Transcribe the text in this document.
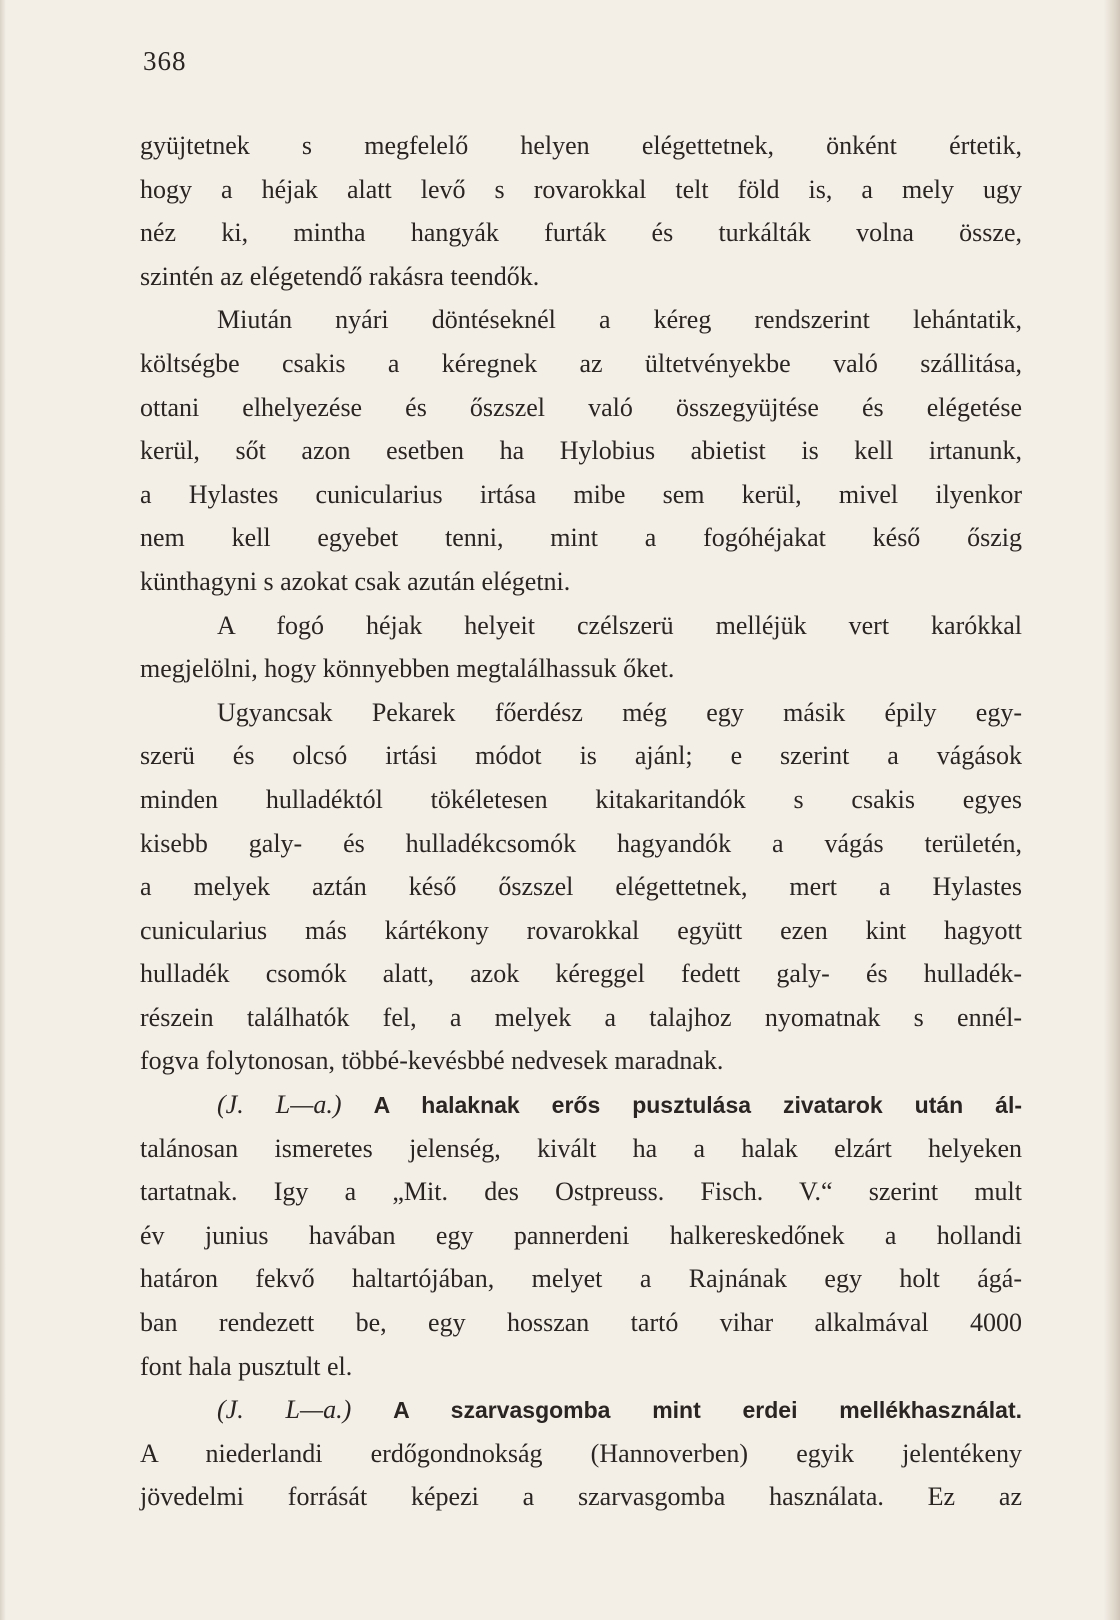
368
gyüjtetnek s megfelelő helyen elégettetnek, önként értetik,
hogy a héjak alatt levő s rovarokkal telt föld is, a mely ugy
néz ki, mintha hangyák furták és turkálták volna össze,
szintén az elégetendő rakásra teendők.
Miután nyári döntéseknél a kéreg rendszerint lehántatik,
költségbe csakis a kéregnek az ültetvényekbe való szállitása,
ottani elhelyezése és őszszel való összegyüjtése és elégetése
kerül, sőt azon esetben ha Hylobius abietist is kell irtanunk,
a Hylastes cunicularius irtása mibe sem kerül, mivel ilyenkor
nem kell egyebet tenni, mint a fogóhéjakat késő őszig
künthagyni s azokat csak azután elégetni.
A fogó héjak helyeit czélszerü melléjük vert karókkal
megjelölni, hogy könnyebben megtalálhassuk őket.
Ugyancsak Pekarek főerdész még egy másik épily egy-
szerü és olcsó irtási módot is ajánl; e szerint a vágások
minden hulladéktól tökéletesen kitakaritandók s csakis egyes
kisebb galy- és hulladékcsomók hagyandók a vágás területén,
a melyek aztán késő őszszel elégettetnek, mert a Hylastes
cunicularius más kártékony rovarokkal együtt ezen kint hagyott
hulladék csomók alatt, azok kéreggel fedett galy- és hulladék-
részein találhatók fel, a melyek a talajhoz nyomatnak s ennél-
fogva folytonosan, többé-kevésbbé nedvesek maradnak.
(J. L—a.) A halaknak erős pusztulása zivatarok után ál-
talánosan ismeretes jelenség, kivált ha a halak elzárt helyeken
tartatnak. Igy a „Mit. des Ostpreuss. Fisch. V.“ szerint mult
év junius havában egy pannerdeni halkereskedőnek a hollandi
határon fekvő haltartójában, melyet a Rajnának egy holt ágá-
ban rendezett be, egy hosszan tartó vihar alkalmával 4000
font hala pusztult el.
(J. L—a.) A szarvasgomba mint erdei mellékhasználat.
A niederlandi erdőgondnokság (Hannoverben) egyik jelentékeny
jövedelmi forrását képezi a szarvasgomba használata. Ez az
